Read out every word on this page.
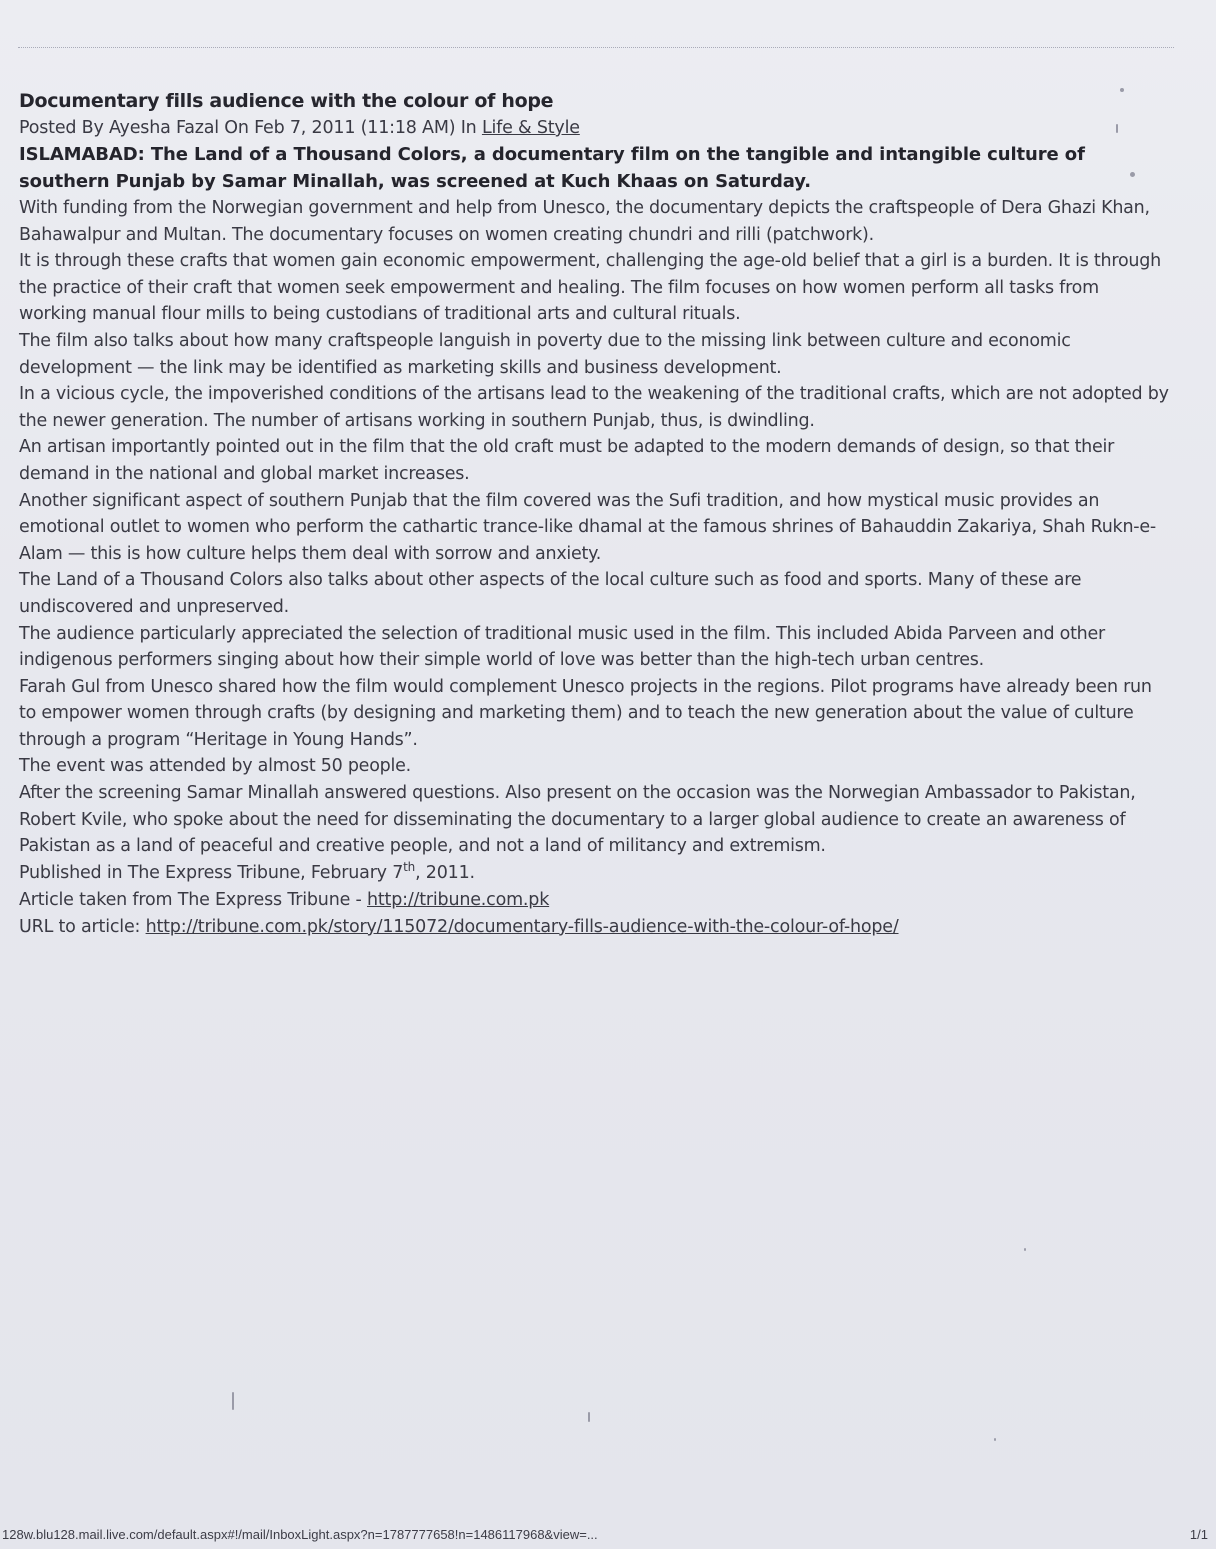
Documentary fills audience with the colour of hope
Posted By Ayesha Fazal On Feb 7, 2011 (11:18 AM) In Life & Style
ISLAMABAD: The Land of a Thousand Colors, a documentary film on the tangible and intangible culture of southern Punjab by Samar Minallah, was screened at Kuch Khaas on Saturday.
With funding from the Norwegian government and help from Unesco, the documentary depicts the craftspeople of Dera Ghazi Khan, Bahawalpur and Multan. The documentary focuses on women creating chundri and rilli (patchwork).
It is through these crafts that women gain economic empowerment, challenging the age-old belief that a girl is a burden. It is through the practice of their craft that women seek empowerment and healing. The film focuses on how women perform all tasks from working manual flour mills to being custodians of traditional arts and cultural rituals.
The film also talks about how many craftspeople languish in poverty due to the missing link between culture and economic development — the link may be identified as marketing skills and business development.
In a vicious cycle, the impoverished conditions of the artisans lead to the weakening of the traditional crafts, which are not adopted by the newer generation. The number of artisans working in southern Punjab, thus, is dwindling.
An artisan importantly pointed out in the film that the old craft must be adapted to the modern demands of design, so that their demand in the national and global market increases.
Another significant aspect of southern Punjab that the film covered was the Sufi tradition, and how mystical music provides an emotional outlet to women who perform the cathartic trance-like dhamal at the famous shrines of Bahauddin Zakariya, Shah Rukn-e-Alam — this is how culture helps them deal with sorrow and anxiety.
The Land of a Thousand Colors also talks about other aspects of the local culture such as food and sports. Many of these are undiscovered and unpreserved.
The audience particularly appreciated the selection of traditional music used in the film. This included Abida Parveen and other indigenous performers singing about how their simple world of love was better than the high-tech urban centres.
Farah Gul from Unesco shared how the film would complement Unesco projects in the regions. Pilot programs have already been run to empower women through crafts (by designing and marketing them) and to teach the new generation about the value of culture through a program “Heritage in Young Hands”.
The event was attended by almost 50 people.
After the screening Samar Minallah answered questions. Also present on the occasion was the Norwegian Ambassador to Pakistan, Robert Kvile, who spoke about the need for disseminating the documentary to a larger global audience to create an awareness of Pakistan as a land of peaceful and creative people, and not a land of militancy and extremism.
Published in The Express Tribune, February 7th, 2011.
Article taken from The Express Tribune - http://tribune.com.pk
URL to article: http://tribune.com.pk/story/115072/documentary-fills-audience-with-the-colour-of-hope/
128w.blu128.mail.live.com/default.aspx#!/mail/InboxLight.aspx?n=1787777658!n=1486117968&view=...	1/1
